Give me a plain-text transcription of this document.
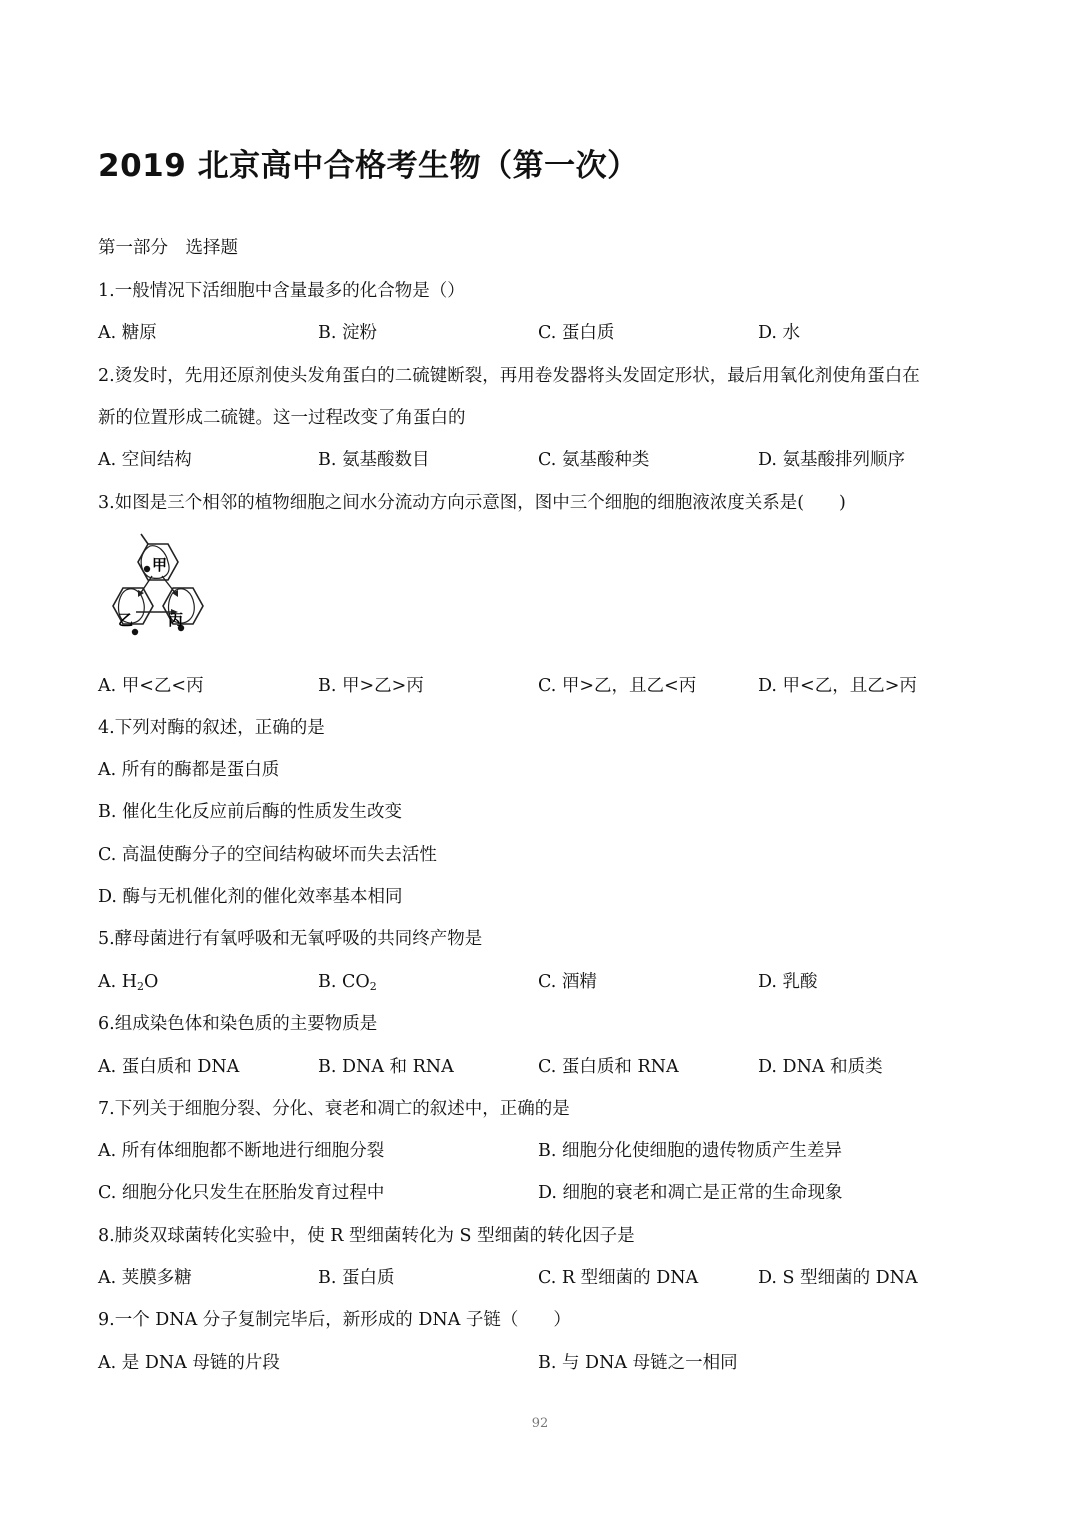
2019 北京高中合格考生物（第一次）
第一部分　选择题
1.一般情况下活细胞中含量最多的化合物是（）
A. 糖原	B. 淀粉	C. 蛋白质	D. 水
2.烫发时，先用还原剂使头发角蛋白的二硫键断裂，再用卷发器将头发固定形状，最后用氧化剂使角蛋白在
新的位置形成二硫键。这一过程改变了角蛋白的
A. 空间结构	B. 氨基酸数目	C. 氨基酸种类	D. 氨基酸排列顺序
3.如图是三个相邻的植物细胞之间水分流动方向示意图，图中三个细胞的细胞液浓度关系是(　　)
甲
乙 丙
A. 甲<乙<丙	B. 甲>乙>丙	C. 甲>乙，且乙<丙	D. 甲<乙，且乙>丙
4.下列对酶的叙述，正确的是
A. 所有的酶都是蛋白质
B. 催化生化反应前后酶的性质发生改变
C. 高温使酶分子的空间结构破坏而失去活性
D. 酶与无机催化剂的催化效率基本相同
5.酵母菌进行有氧呼吸和无氧呼吸的共同终产物是
A. $H_2O$	B. $CO_2$	C. 酒精	D. 乳酸
6.组成染色体和染色质的主要物质是
A. 蛋白质和 DNA	B. DNA 和 RNA	C. 蛋白质和 RNA	D. DNA 和质类
7.下列关于细胞分裂、分化、衰老和凋亡的叙述中，正确的是
A. 所有体细胞都不断地进行细胞分裂	B. 细胞分化使细胞的遗传物质产生差异
C. 细胞分化只发生在胚胎发育过程中	D. 细胞的衰老和凋亡是正常的生命现象
8.肺炎双球菌转化实验中，使 R 型细菌转化为 S 型细菌的转化因子是
A. 荚膜多糖	B. 蛋白质	C. R 型细菌的 DNA	D. S 型细菌的 DNA
9.一个 DNA 分子复制完毕后，新形成的 DNA 子链（　　）
A. 是 DNA 母链的片段	B. 与 DNA 母链之一相同
92
